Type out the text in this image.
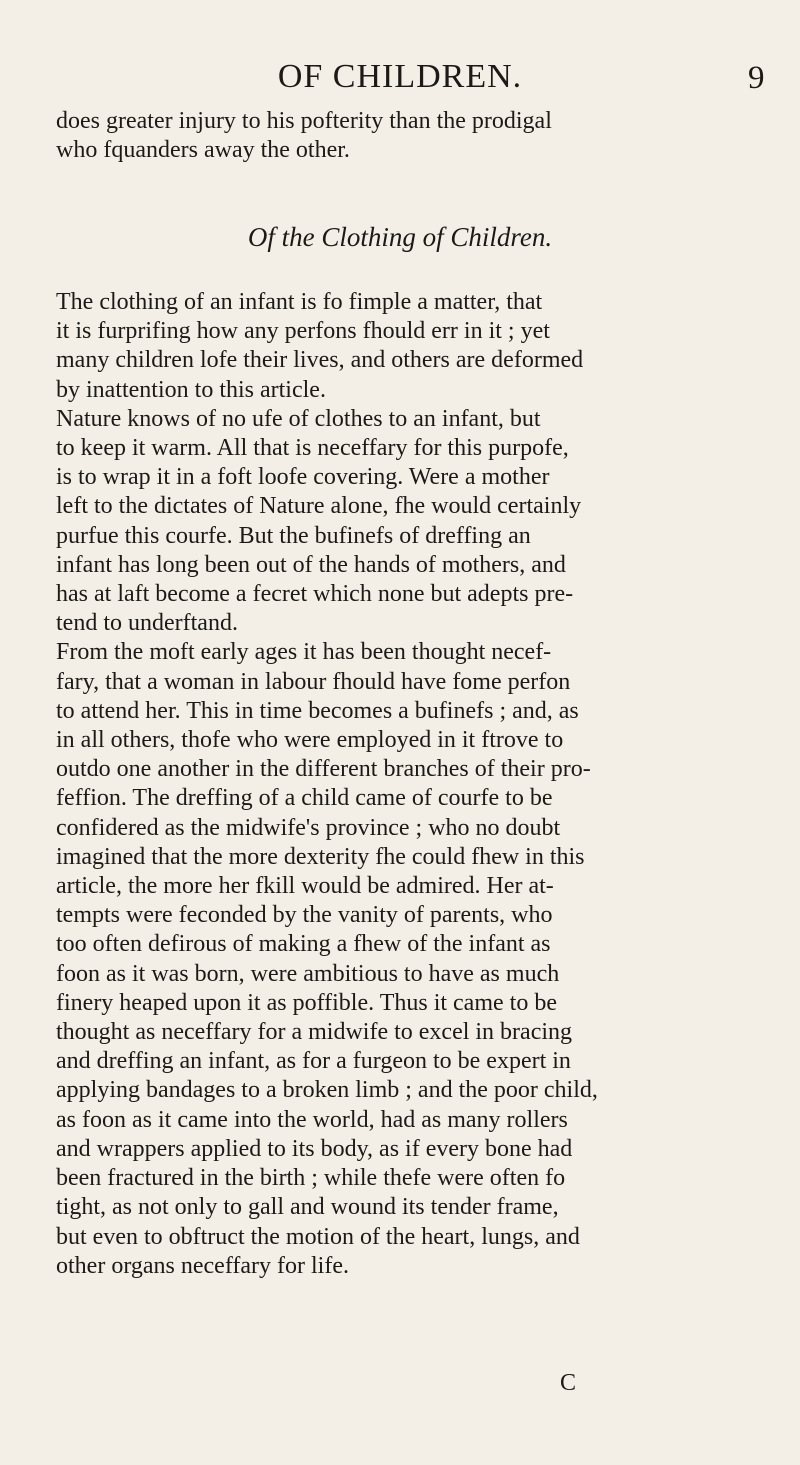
OF CHILDREN.	9
does greater injury to his pofterity than the prodigal
who fquanders away the other.
Of the Clothing of Children.
The clothing of an infant is fo fimple a matter, that
it is furprifing how any perfons fhould err in it ; yet
many children lofe their lives, and others are deformed
by inattention to this article.
Nature knows of no ufe of clothes to an infant, but
to keep it warm. All that is neceffary for this purpofe,
is to wrap it in a foft loofe covering. Were a mother
left to the dictates of Nature alone, fhe would certainly
purfue this courfe. But the bufinefs of dreffing an
infant has long been out of the hands of mothers, and
has at laft become a fecret which none but adepts pre-
tend to underftand.
From the moft early ages it has been thought necef-
fary, that a woman in labour fhould have fome perfon
to attend her. This in time becomes a bufinefs ; and, as
in all others, thofe who were employed in it ftrove to
outdo one another in the different branches of their pro-
feffion. The dreffing of a child came of courfe to be
confidered as the midwife's province ; who no doubt
imagined that the more dexterity fhe could fhew in this
article, the more her fkill would be admired. Her at-
tempts were feconded by the vanity of parents, who
too often defirous of making a fhew of the infant as
foon as it was born, were ambitious to have as much
finery heaped upon it as poffible. Thus it came to be
thought as neceffary for a midwife to excel in bracing
and dreffing an infant, as for a furgeon to be expert in
applying bandages to a broken limb ; and the poor child,
as foon as it came into the world, had as many rollers
and wrappers applied to its body, as if every bone had
been fractured in the birth ; while thefe were often fo
tight, as not only to gall and wound its tender frame,
but even to obftruct the motion of the heart, lungs, and
other organs neceffary for life.
C
